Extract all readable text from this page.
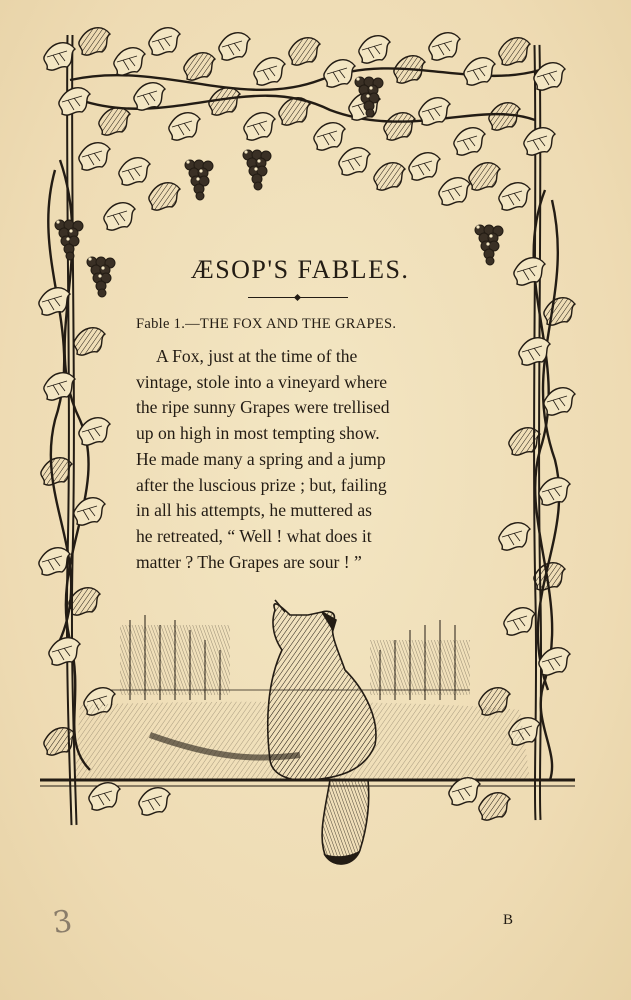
ÆSOP'S FABLES.
Fable 1.—THE FOX AND THE GRAPES.
A Fox, just at the time of the
vintage, stole into a vineyard where
the ripe sunny Grapes were trellised
up on high in most tempting show.
He made many a spring and a jump
after the luscious prize ; but, failing
in all his attempts, he muttered as
he retreated, “ Well ! what does it
matter ? The Grapes are sour ! ”
3	B
